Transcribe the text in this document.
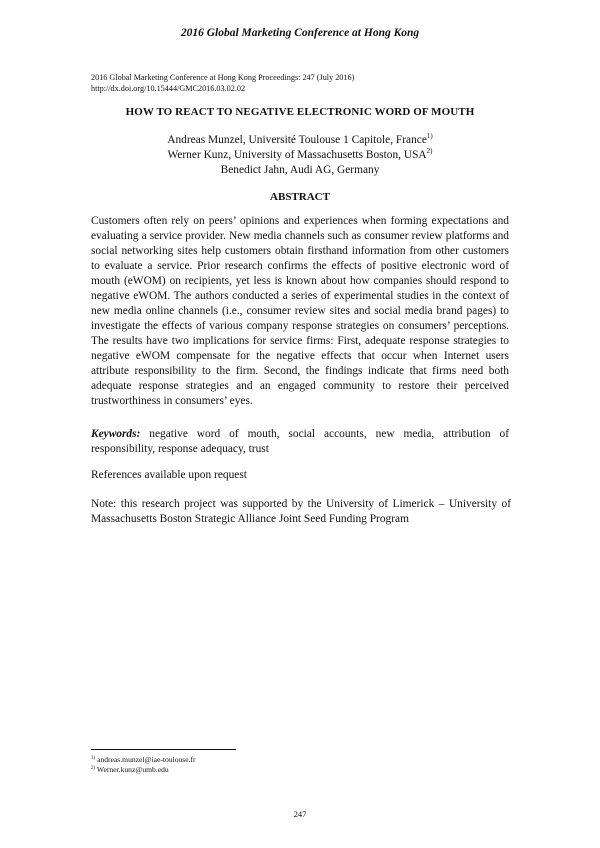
2016 Global Marketing Conference at Hong Kong
2016 Global Marketing Conference at Hong Kong Proceedings: 247 (July 2016)
http://dx.doi.org/10.15444/GMC2016.03.02.02
HOW TO REACT TO NEGATIVE ELECTRONIC WORD OF MOUTH
Andreas Munzel, Université Toulouse 1 Capitole, France$^{1)}$
Werner Kunz, University of Massachusetts Boston, USA$^{2)}$
Benedict Jahn, Audi AG, Germany
ABSTRACT

Customers often rely on peers’ opinions and experiences when forming expectations and evaluating a service provider. New media channels such as consumer review platforms and social networking sites help customers obtain firsthand information from other customers to evaluate a service. Prior research confirms the effects of positive electronic word of mouth (eWOM) on recipients, yet less is known about how companies should respond to negative eWOM. The authors conducted a series of experimental studies in the context of new media online channels (i.e., consumer review sites and social media brand pages) to investigate the effects of various company response strategies on consumers’ perceptions. The results have two implications for service firms: First, adequate response strategies to negative eWOM compensate for the negative effects that occur when Internet users attribute responsibility to the firm. Second, the findings indicate that firms need both adequate response strategies and an engaged community to restore their perceived trustworthiness in consumers’ eyes.

Keywords: negative word of mouth, social accounts, new media, attribution of responsibility, response adequacy, trust

References available upon request

Note: this research project was supported by the University of Limerick – University of Massachusetts Boston Strategic Alliance Joint Seed Funding Program

$^{1)}$ andreas.munzel@iae-toulouse.fr
$^{2)}$ Werner.kunz@umb.edu
247
